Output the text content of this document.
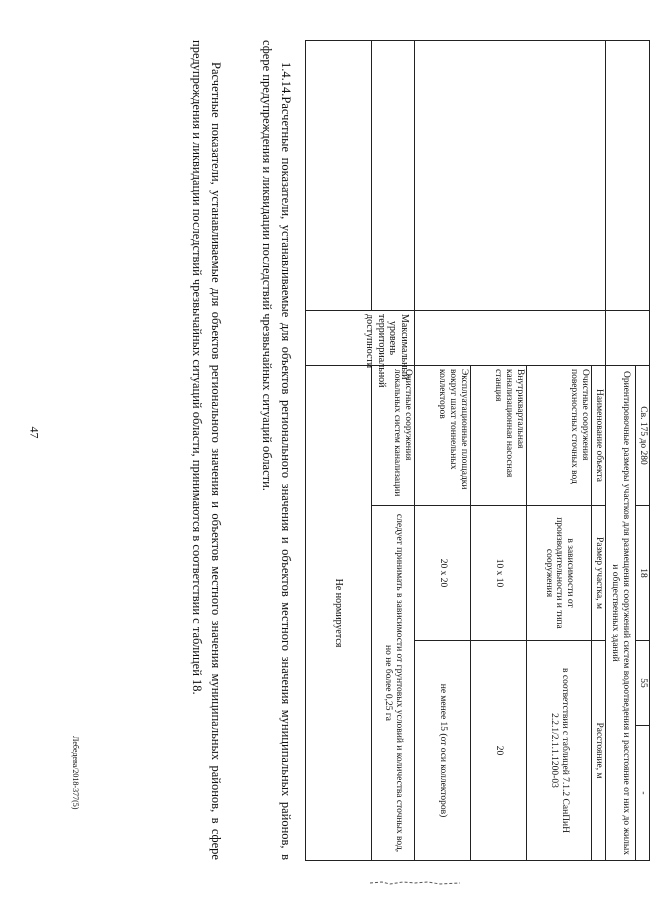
47
			Св. 175 до 280	18	55	-
		Ориентировочные размеры участков для размещения сооружений систем водоотведения и расстояние от них до жилых и общественных зданий			
		Наименование объекта	Размер участка, м	Расстояние, м	
		Очистные сооружения поверхностных сточных вод	в зависимости от производительности и типа сооружения	в соответствии с таблицей 7.1.2 СанПиН 2.2.1/2.1.1.1200-03	
		Внутриквартальная канализационная насосная станция	10 х 10	20	
		Эксплуатационные площадки вокруг шахт тоннельных коллекторов	20 х 20	не менее 15 (от оси коллекторов)	
	Максимальный уровень территориальной доступности	Очистные сооружения локальных систем канализации	следует принимать в зависимости от грунтовых условий и количества сточных вод, но не более 0,25 га		
		Не нормируется			

1.4.14.Расчетные показатели, устанавливаемые для объектов регионального значения и объектов местного значения муниципальных районов, в сфере предупреждения и ликвидации последствий чрезвычайных ситуаций области.

Расчетные показатели, устанавливаемые для объектов регионального значения и объектов местного значения муниципальных районов, в сфере предупреждения и ликвидации последствий чрезвычайных ситуаций области, принимаются в соответствии с таблицей 18.

Лебедева/2018-377(5)
